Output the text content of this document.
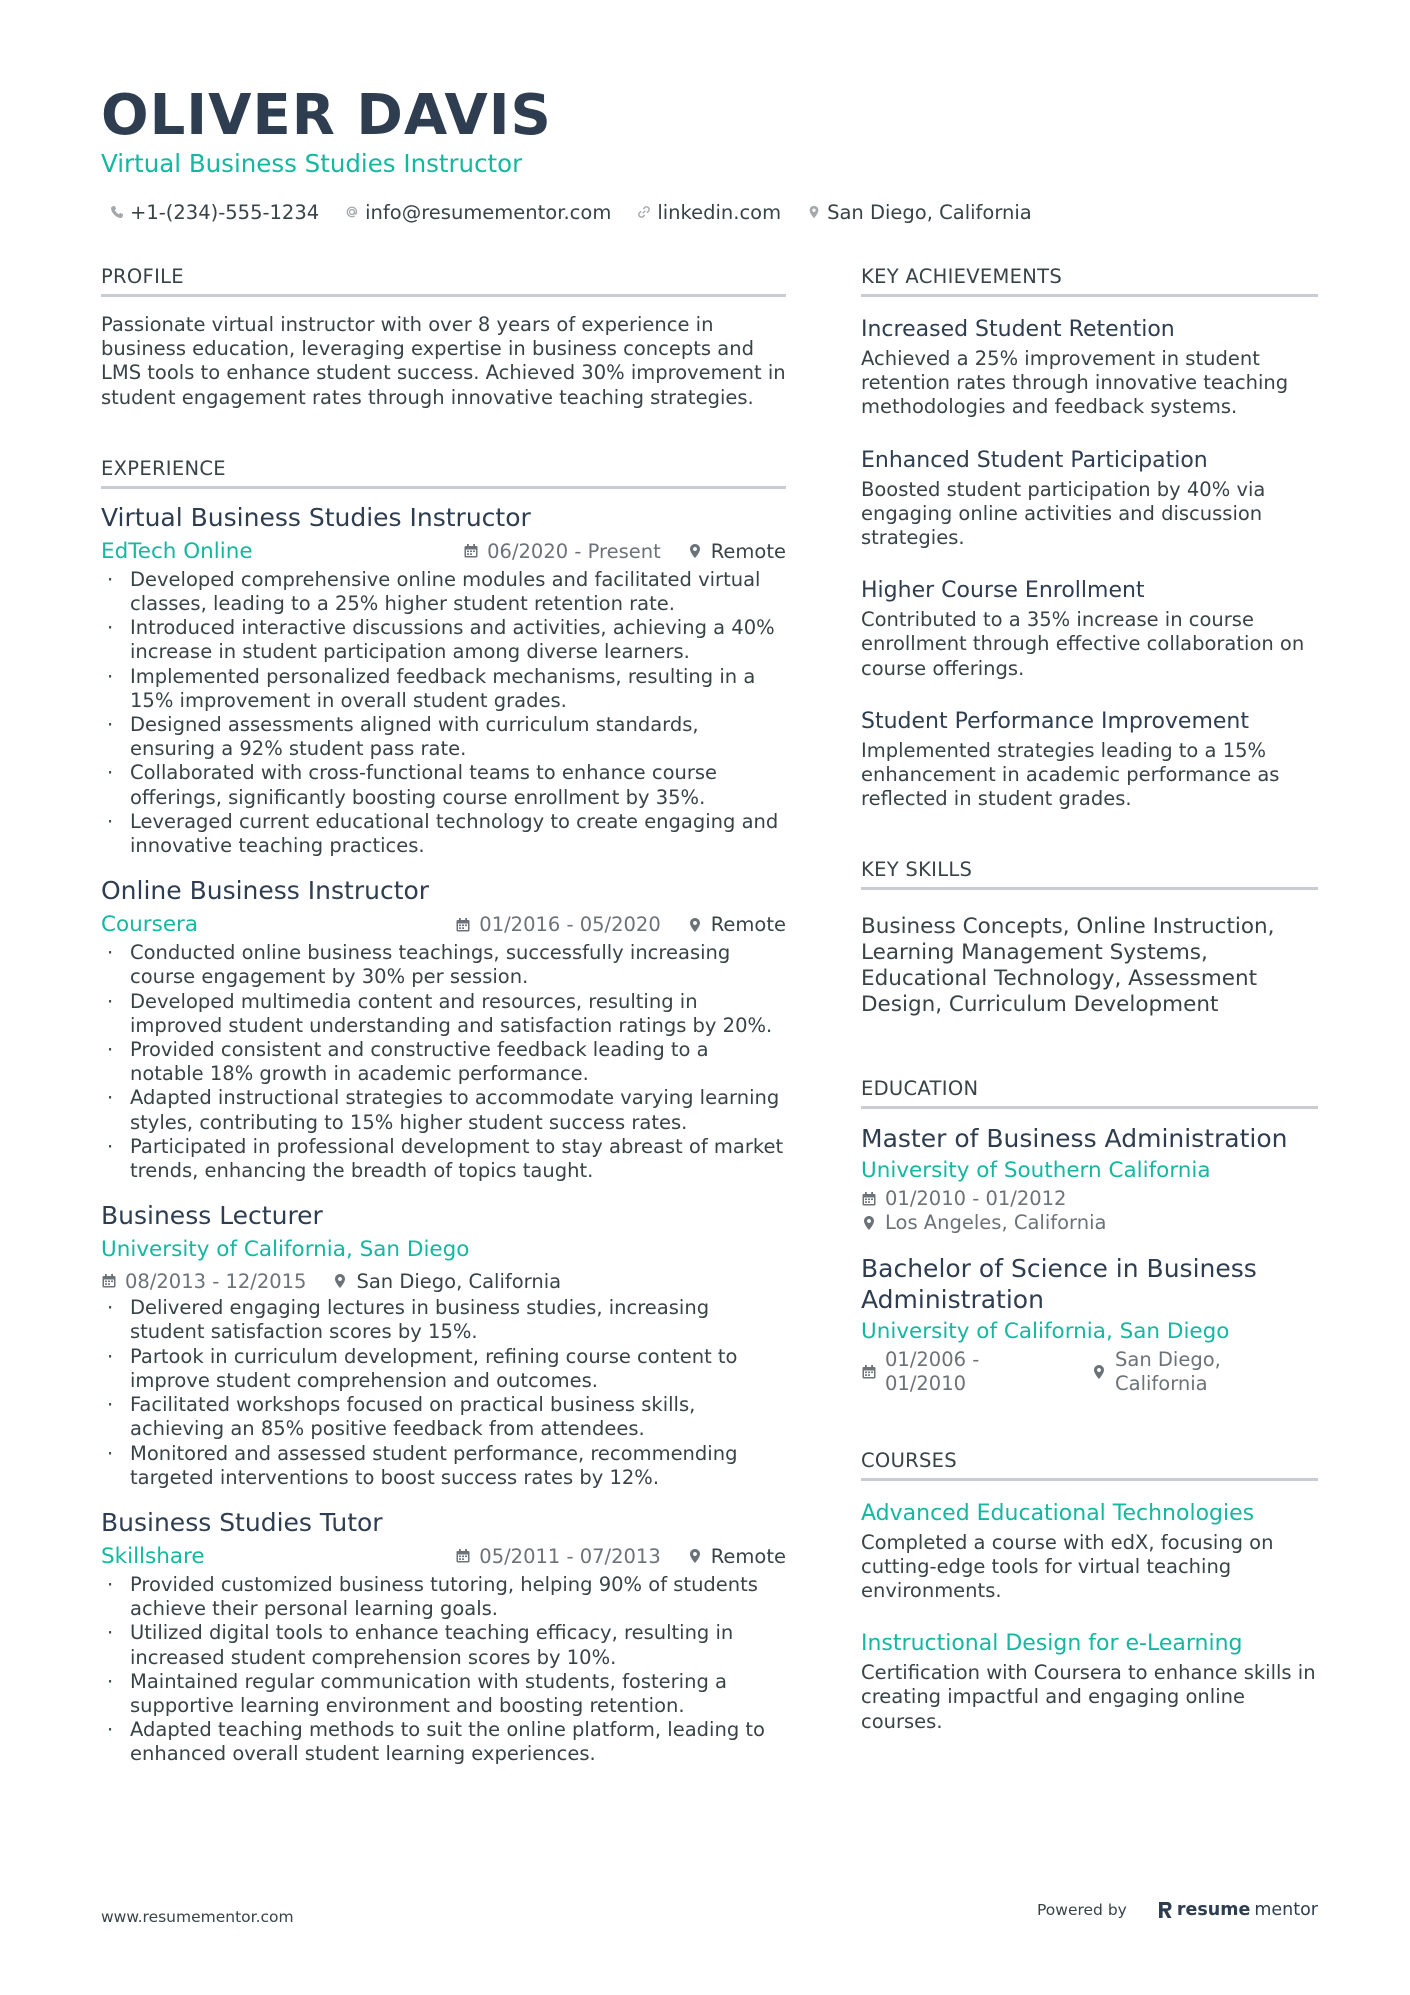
OLIVER DAVIS
Virtual Business Studies Instructor
+1-(234)-555-1234 info@resumementor.com linkedin.com San Diego, California
PROFILE
Passionate virtual instructor with over 8 years of experience in business education, leveraging expertise in business concepts and LMS tools to enhance student success. Achieved 30% improvement in student engagement rates through innovative teaching strategies.
EXPERIENCE
Virtual Business Studies Instructor
EdTech Online	06/2020 - Present	Remote
· Developed comprehensive online modules and facilitated virtual classes, leading to a 25% higher student retention rate.
· Introduced interactive discussions and activities, achieving a 40% increase in student participation among diverse learners.
· Implemented personalized feedback mechanisms, resulting in a 15% improvement in overall student grades.
· Designed assessments aligned with curriculum standards, ensuring a 92% student pass rate.
· Collaborated with cross-functional teams to enhance course offerings, significantly boosting course enrollment by 35%.
· Leveraged current educational technology to create engaging and innovative teaching practices.
Online Business Instructor
Coursera	01/2016 - 05/2020	Remote
· Conducted online business teachings, successfully increasing course engagement by 30% per session.
· Developed multimedia content and resources, resulting in improved student understanding and satisfaction ratings by 20%.
· Provided consistent and constructive feedback leading to a notable 18% growth in academic performance.
· Adapted instructional strategies to accommodate varying learning styles, contributing to 15% higher student success rates.
· Participated in professional development to stay abreast of market trends, enhancing the breadth of topics taught.
Business Lecturer
University of California, San Diego
08/2013 - 12/2015	San Diego, California
· Delivered engaging lectures in business studies, increasing student satisfaction scores by 15%.
· Partook in curriculum development, refining course content to improve student comprehension and outcomes.
· Facilitated workshops focused on practical business skills, achieving an 85% positive feedback from attendees.
· Monitored and assessed student performance, recommending targeted interventions to boost success rates by 12%.
Business Studies Tutor
Skillshare	05/2011 - 07/2013	Remote
· Provided customized business tutoring, helping 90% of students achieve their personal learning goals.
· Utilized digital tools to enhance teaching efficacy, resulting in increased student comprehension scores by 10%.
· Maintained regular communication with students, fostering a supportive learning environment and boosting retention.
· Adapted teaching methods to suit the online platform, leading to enhanced overall student learning experiences.
KEY ACHIEVEMENTS
Increased Student Retention
Achieved a 25% improvement in student retention rates through innovative teaching methodologies and feedback systems.
Enhanced Student Participation
Boosted student participation by 40% via engaging online activities and discussion strategies.
Higher Course Enrollment
Contributed to a 35% increase in course enrollment through effective collaboration on course offerings.
Student Performance Improvement
Implemented strategies leading to a 15% enhancement in academic performance as reflected in student grades.
KEY SKILLS
Business Concepts, Online Instruction, Learning Management Systems, Educational Technology, Assessment Design, Curriculum Development
EDUCATION
Master of Business Administration
University of Southern California
01/2010 - 01/2012
Los Angeles, California
Bachelor of Science in Business Administration
University of California, San Diego
01/2006 - 01/2010
San Diego, California
COURSES
Advanced Educational Technologies
Completed a course with edX, focusing on cutting-edge tools for virtual teaching environments.
Instructional Design for e-Learning
Certification with Coursera to enhance skills in creating impactful and engaging online courses.
www.resumementor.com	Powered by	resume mentor
